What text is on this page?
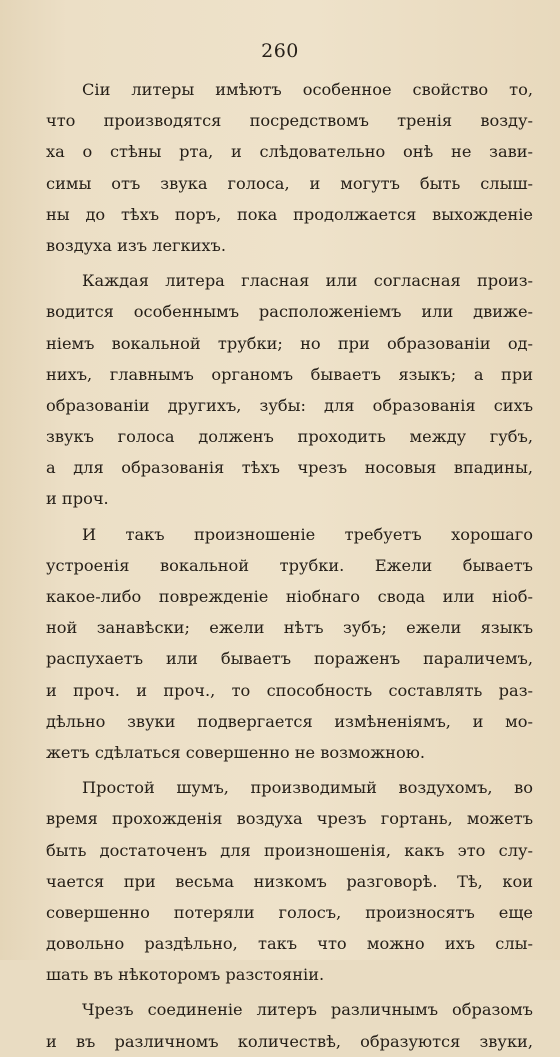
260
Сiи литеры имѣютъ особенное свойство то,
что производятся посредствомъ тренiя возду-
ха о стѣны рта, и слѣдовательно онѣ не зави-
симы отъ звука голоса, и могутъ быть слыш-
ны до тѣхъ поръ, пока продолжается выхожденiе
воздуха изъ легкихъ.
Каждая литера гласная или согласная произ-
водится особеннымъ расположенiемъ или движе-
нiемъ вокальной трубки; но при образованiи од-
нихъ, главнымъ органомъ бываетъ языкъ; а при
образованiи другихъ, зубы: для образованiя сихъ
звукъ голоса долженъ проходить между губъ,
а для образованiя тѣхъ чрезъ носовыя впадины,
и проч.
И такъ произношенiе требуетъ хорошаго
устроенiя вокальной трубки. Ежели бываетъ
какое-либо поврежденiе нiобнаго свода или нiоб-
ной занавѣски; ежели нѣтъ зубъ; ежели языкъ
распухаетъ или бываетъ пораженъ параличемъ,
и проч. и проч., то способность составлять раз-
дѣльно звуки подвергается измѣненiямъ, и мо-
жетъ сдѣлаться совершенно не возможною.
Простой шумъ, производимый воздухомъ, во
время прохожденiя воздуха чрезъ гортань, можетъ
быть достаточенъ для произношенiя, какъ это слу-
чается при весьма низкомъ разговорѣ. Тѣ, кои
совершенно потеряли голосъ, произносятъ еще
довольно раздѣльно, такъ что можно ихъ слы-
шать въ нѣкоторомъ разстоянiи.
Чрезъ соединенiе литеръ различнымъ образомъ
и въ различномъ количествѣ, образуются звуки,
